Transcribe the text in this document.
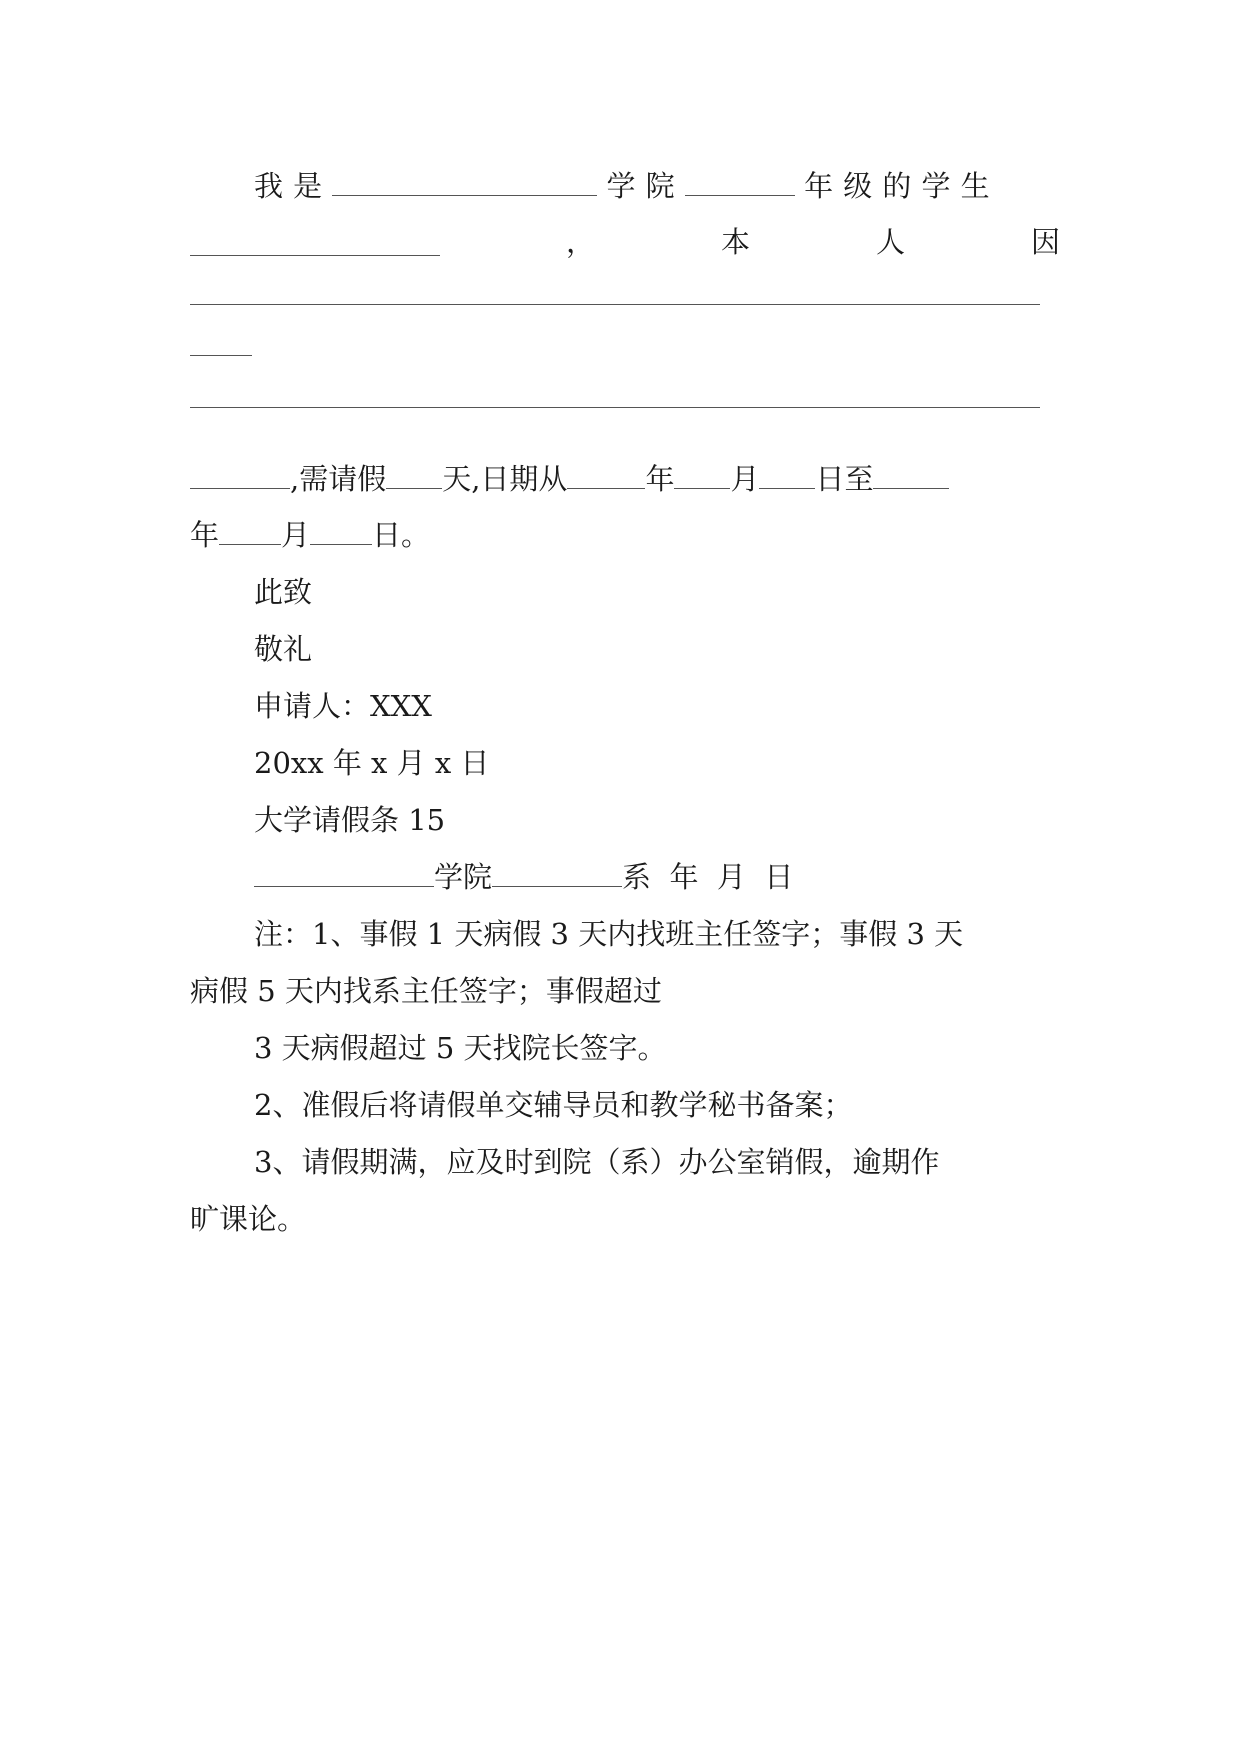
我是	学院	年级的学生
，	本	人	因
,需请假 天,日期从	年 月 日至
年 月 日。
此致
敬礼
申请人：XXX
20xx 年 x 月 x 日
大学请假条 15
学院	系  年  月  日
注：1、事假 1 天病假 3 天内找班主任签字；事假 3 天
病假 5 天内找系主任签字；事假超过
3 天病假超过 5 天找院长签字。
2、准假后将请假单交辅导员和教学秘书备案；
3、请假期满，应及时到院（系）办公室销假，逾期作
旷课论。
